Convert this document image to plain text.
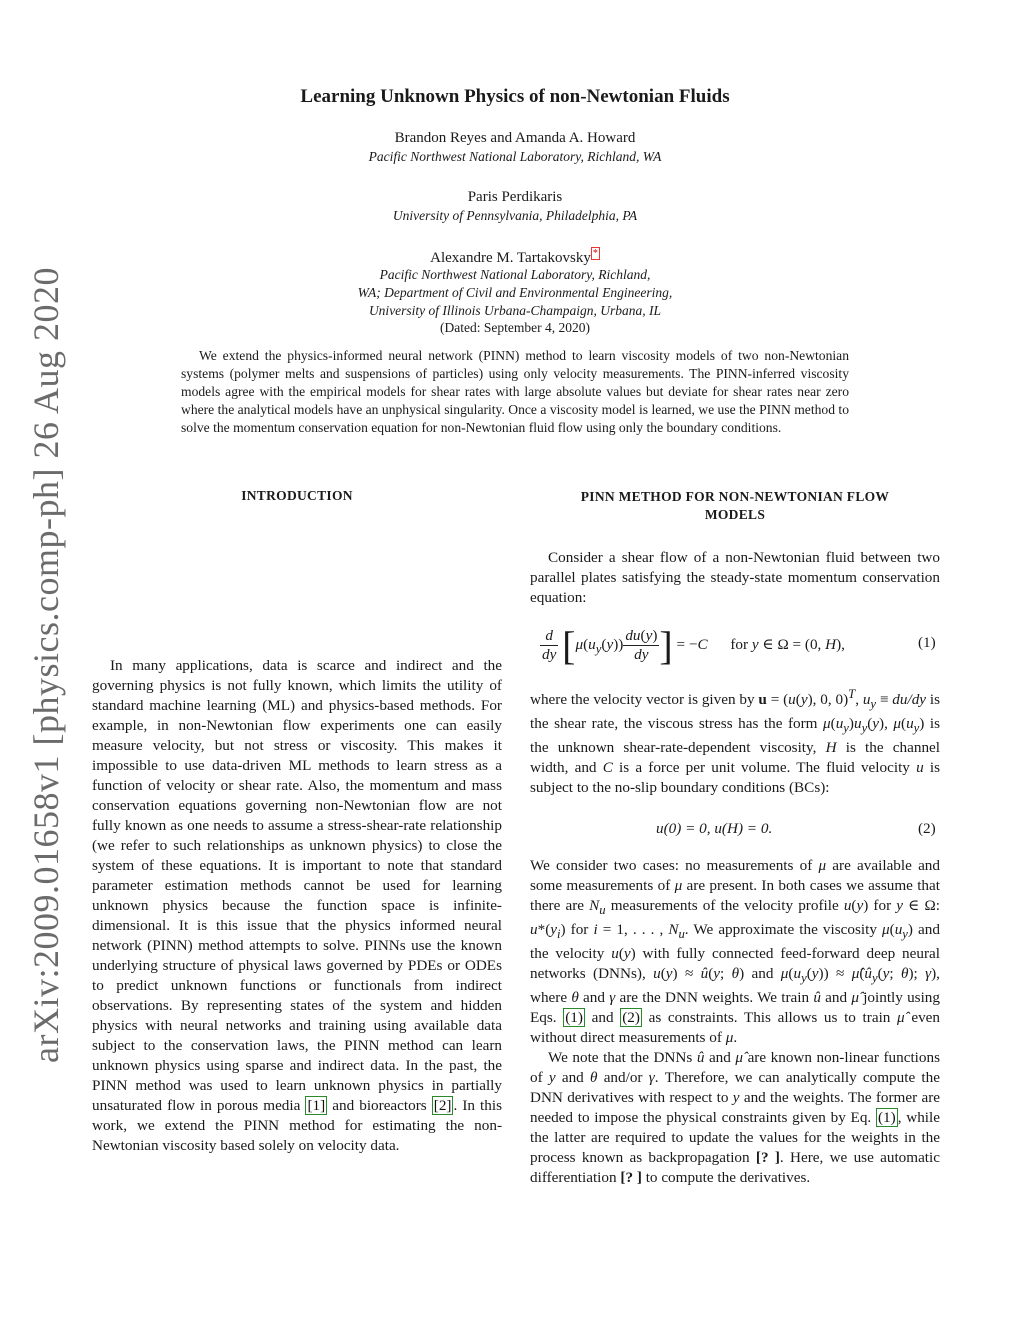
arXiv:2009.01658v1 [physics.comp-ph] 26 Aug 2020
Learning Unknown Physics of non-Newtonian Fluids
Brandon Reyes and Amanda A. Howard
Pacific Northwest National Laboratory, Richland, WA
Paris Perdikaris
University of Pennsylvania, Philadelphia, PA
Alexandre M. Tartakovsky *
Pacific Northwest National Laboratory, Richland,
WA; Department of Civil and Environmental Engineering,
University of Illinois Urbana-Champaign, Urbana, IL
(Dated: September 4, 2020)
We extend the physics-informed neural network (PINN) method to learn viscosity models of two non-Newtonian systems (polymer melts and suspensions of particles) using only velocity measurements. The PINN-inferred viscosity models agree with the empirical models for shear rates with large absolute values but deviate for shear rates near zero where the analytical models have an unphysical singularity. Once a viscosity model is learned, we use the PINN method to solve the momentum conservation equation for non-Newtonian fluid flow using only the boundary conditions.
INTRODUCTION

In many applications, data is scarce and indirect and the governing physics is not fully known, which limits the utility of standard machine learning (ML) and physics-based methods. For example, in non-Newtonian flow experiments one can easily measure velocity, but not stress or viscosity. This makes it impossible to use data-driven ML methods to learn stress as a function of velocity or shear rate. Also, the momentum and mass conservation equations governing non-Newtonian flow are not fully known as one needs to assume a stress-shear-rate relationship (we refer to such relationships as unknown physics) to close the system of these equations. It is important to note that standard parameter estimation methods cannot be used for learning unknown physics because the function space is infinite-dimensional. It is this issue that the physics informed neural network (PINN) method attempts to solve. PINNs use the known underlying structure of physical laws governed by PDEs or ODEs to predict unknown functions or functionals from indirect observations. By representing states of the system and hidden physics with neural networks and training using available data subject to the conservation laws, the PINN method can learn unknown physics using sparse and indirect data. In the past, the PINN method was used to learn unknown physics in partially unsaturated flow in porous media [1] and bioreactors [2] . In this work, we extend the PINN method for estimating the non-Newtonian viscosity based solely on velocity data.

PINN METHOD FOR NON-NEWTONIAN FLOW
MODELS

Consider a shear flow of a non-Newtonian fluid between two parallel plates satisfying the steady-state momentum conservation equation:

$\frac{d}{dy} [\mu(u_y(y)) \frac{du(y)}{dy}$ ] = −C      for y ∈ Ω = (0, H),	(1)

where the velocity vector is given by u = (u(y), 0, 0)$^T$, $u_y \equiv du/dy$ is the shear rate, the viscous stress has the form $\mu(u_y)u_y(y)$, $\mu(u_y)$ is the unknown shear-rate-dependent viscosity, H is the channel width, and C is a force per unit volume. The fluid velocity u is subject to the no-slip boundary conditions (BCs):

u(0) = 0, u(H) = 0.	(2)

We consider two cases: no measurements of μ are available and some measurements of μ are present. In both cases we assume that there are $N_u$ measurements of the velocity profile u(y) for y ∈ Ω: $u*(y_i)$ for i = 1, . . . , $N_u$. We approximate the viscosity $\mu(u_y)$ and the velocity u(y) with fully connected feed-forward deep neural networks (DNNs), u(y) ≈ û(y; θ) and $\mu(u_y(y))$ ≈ $\mû(û_y(y$; θ); γ), where θ and γ are the DNN weights. We train û and μ̂ jointly using Eqs. (1) and (2) as constraints. This allows us to train μ̂ even without direct measurements of μ.

We note that the DNNs û and μ̂ are known non-linear functions of y and θ and/or γ. Therefore, we can analytically compute the DNN derivatives with respect to y and the weights. The former are needed to impose the physical constraints given by Eq. (1) , while the latter are required to update the values for the weights in the process known as backpropagation [? ]. Here, we use automatic differentiation [? ] to compute the derivatives.
